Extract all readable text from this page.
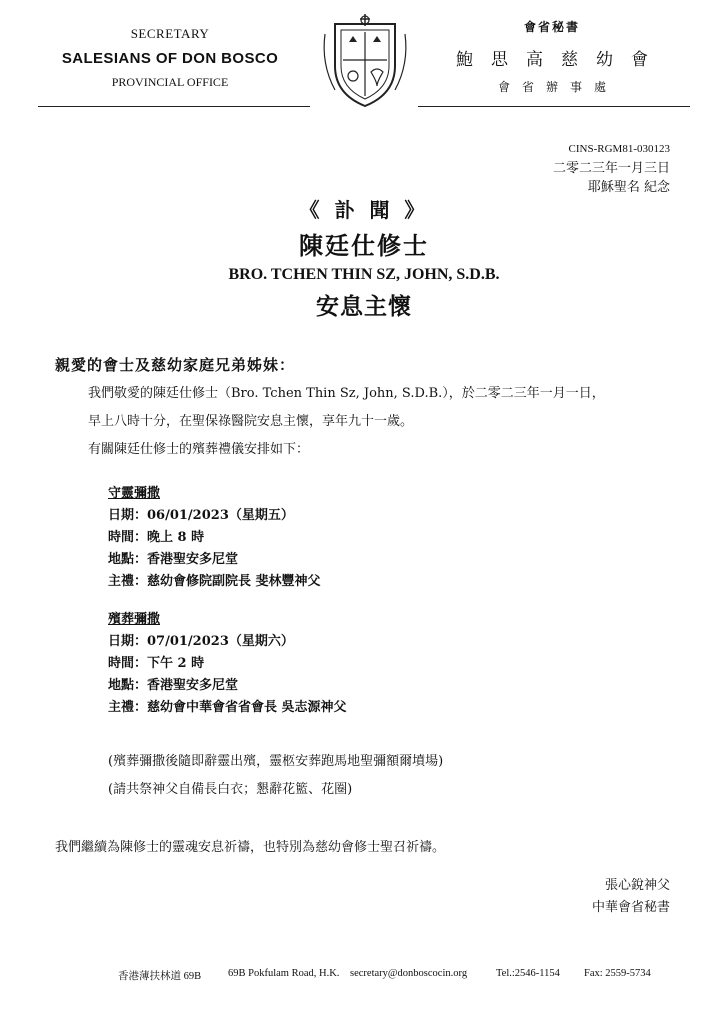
SECRETARY
SALESIANS OF DON BOSCO
PROVINCIAL OFFICE
會省秘書
鮑思高慈幼會
會省辦事處
CINS-RGM81-030123
二零二三年一月三日
耶穌聖名 紀念
《 訃 聞 》
陳廷仕修士
BRO. TCHEN THIN SZ, JOHN, S.D.B.
安息主懷
親愛的會士及慈幼家庭兄弟姊妹：
我們敬愛的陳廷仕修士（Bro. Tchen Thin Sz, John, S.D.B.），於二零二三年一月一日，
早上八時十分，在聖保祿醫院安息主懷，享年九十一歲。
有關陳廷仕修士的殯葬禮儀安排如下：
守靈彌撒
日期：06/01/2023（星期五）
時間：晚上 8 時
地點：香港聖安多尼堂
主禮：慈幼會修院副院長 斐林豐神父
殯葬彌撒
日期：07/01/2023（星期六）
時間：下午 2 時
地點：香港聖安多尼堂
主禮：慈幼會中華會省省會長 吳志源神父
(殯葬彌撒後隨即辭靈出殯，靈柩安葬跑馬地聖彌額爾墳場)
(請共祭神父自備長白衣；懇辭花籃、花圈)
我們繼續為陳修士的靈魂安息祈禱，也特別為慈幼會修士聖召祈禱。
張心銳神父
中華會省秘書
香港薄扶林道 69B	69B Pokfulam Road, H.K. secretary@donboscocin.org	Tel.:2546-1154 Fax: 2559-5734
